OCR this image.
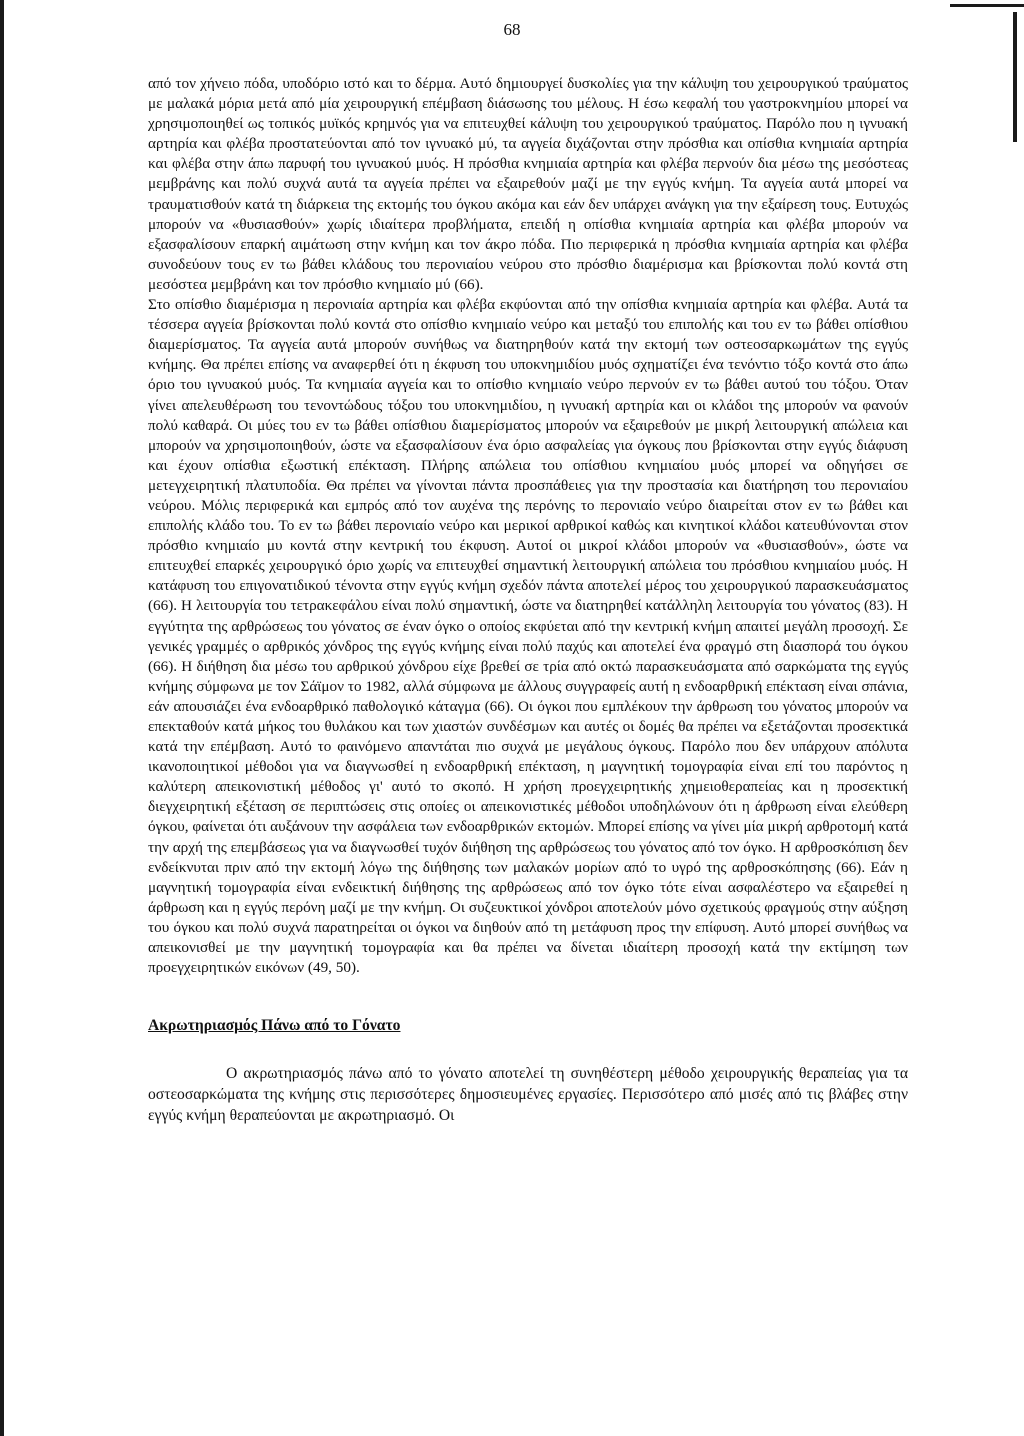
68

από τον χήνειο πόδα, υποδόριο ιστό και το δέρμα. Αυτό δημιουργεί δυσκολίες για την κάλυψη του χειρουργικού τραύματος με μαλακά μόρια μετά από μία χειρουργική επέμβαση διάσωσης του μέλους. Η έσω κεφαλή του γαστροκνημίου μπορεί να χρησιμοποιηθεί ως τοπικός μυϊκός κρημνός για να επιτευχθεί κάλυψη του χειρουργικού τραύματος. Παρόλο που η ιγνυακή αρτηρία και φλέβα προστατεύονται από τον ιγνυακό μύ, τα αγγεία διχάζονται στην πρόσθια και οπίσθια κνημιαία αρτηρία και φλέβα στην άπω παρυφή του ιγνυακού μυός. Η πρόσθια κνημιαία αρτηρία και φλέβα περνούν δια μέσω της μεσόστεας μεμβράνης και πολύ συχνά αυτά τα αγγεία πρέπει να εξαιρεθούν μαζί με την εγγύς κνήμη. Τα αγγεία αυτά μπορεί να τραυματισθούν κατά τη διάρκεια της εκτομής του όγκου ακόμα και εάν δεν υπάρχει ανάγκη για την εξαίρεση τους. Ευτυχώς μπορούν να «θυσιασθούν» χωρίς ιδιαίτερα προβλήματα, επειδή η οπίσθια κνημιαία αρτηρία και φλέβα μπορούν να εξασφαλίσουν επαρκή αιμάτωση στην κνήμη και τον άκρο πόδα. Πιο περιφερικά η πρόσθια κνημιαία αρτηρία και φλέβα συνοδεύουν τους εν τω βάθει κλάδους του περονιαίου νεύρου στο πρόσθιο διαμέρισμα και βρίσκονται πολύ κοντά στη μεσόστεα μεμβράνη και τον πρόσθιο κνημιαίο μύ (66).

Στο οπίσθιο διαμέρισμα η περονιαία αρτηρία και φλέβα εκφύονται από την οπίσθια κνημιαία αρτηρία και φλέβα. Αυτά τα τέσσερα αγγεία βρίσκονται πολύ κοντά στο οπίσθιο κνημιαίο νεύρο και μεταξύ του επιπολής και του εν τω βάθει οπίσθιου διαμερίσματος. Τα αγγεία αυτά μπορούν συνήθως να διατηρηθούν κατά την εκτομή των οστεοσαρκωμάτων της εγγύς κνήμης. Θα πρέπει επίσης να αναφερθεί ότι η έκφυση του υποκνημιδίου μυός σχηματίζει ένα τενόντιο τόξο κοντά στο άπω όριο του ιγνυακού μυός. Τα κνημιαία αγγεία και το οπίσθιο κνημιαίο νεύρο περνούν εν τω βάθει αυτού του τόξου. Όταν γίνει απελευθέρωση του τενοντώδους τόξου του υποκνημιδίου, η ιγνυακή αρτηρία και οι κλάδοι της μπορούν να φανούν πολύ καθαρά. Οι μύες του εν τω βάθει οπίσθιου διαμερίσματος μπορούν να εξαιρεθούν με μικρή λειτουργική απώλεια και μπορούν να χρησιμοποιηθούν, ώστε να εξασφαλίσουν ένα όριο ασφαλείας για όγκους που βρίσκονται στην εγγύς διάφυση και έχουν οπίσθια εξωστική επέκταση. Πλήρης απώλεια του οπίσθιου κνημιαίου μυός μπορεί να οδηγήσει σε μετεγχειρητική πλατυποδία. Θα πρέπει να γίνονται πάντα προσπάθειες για την προστασία και διατήρηση του περονιαίου νεύρου. Μόλις περιφερικά και εμπρός από τον αυχένα της περόνης το περονιαίο νεύρο διαιρείται στον εν τω βάθει και επιπολής κλάδο του. Το εν τω βάθει περονιαίο νεύρο και μερικοί αρθρικοί καθώς και κινητικοί κλάδοι κατευθύνονται στον πρόσθιο κνημιαίο μυ κοντά στην κεντρική του έκφυση. Αυτοί οι μικροί κλάδοι μπορούν να «θυσιασθούν», ώστε να επιτευχθεί επαρκές χειρουργικό όριο χωρίς να επιτευχθεί σημαντική λειτουργική απώλεια του πρόσθιου κνημιαίου μυός. Η κατάφυση του επιγονατιδικού τένοντα στην εγγύς κνήμη σχεδόν πάντα αποτελεί μέρος του χειρουργικού παρασκευάσματος (66). Η λειτουργία του τετρακεφάλου είναι πολύ σημαντική, ώστε να διατηρηθεί κατάλληλη λειτουργία του γόνατος (83). Η εγγύτητα της αρθρώσεως του γόνατος σε έναν όγκο ο οποίος εκφύεται από την κεντρική κνήμη απαιτεί μεγάλη προσοχή. Σε γενικές γραμμές ο αρθρικός χόνδρος της εγγύς κνήμης είναι πολύ παχύς και αποτελεί ένα φραγμό στη διασπορά του όγκου (66). Η διήθηση δια μέσω του αρθρικού χόνδρου είχε βρεθεί σε τρία από οκτώ παρασκευάσματα από σαρκώματα της εγγύς κνήμης σύμφωνα με τον Σάϊμον το 1982, αλλά σύμφωνα με άλλους συγγραφείς αυτή η ενδοαρθρική επέκταση είναι σπάνια, εάν απουσιάζει ένα ενδοαρθρικό παθολογικό κάταγμα (66). Οι όγκοι που εμπλέκουν την άρθρωση του γόνατος μπορούν να επεκταθούν κατά μήκος του θυλάκου και των χιαστών συνδέσμων και αυτές οι δομές θα πρέπει να εξετάζονται προσεκτικά κατά την επέμβαση. Αυτό το φαινόμενο απαντάται πιο συχνά με μεγάλους όγκους. Παρόλο που δεν υπάρχουν απόλυτα ικανοποιητικοί μέθοδοι για να διαγνωσθεί η ενδοαρθρική επέκταση, η μαγνητική τομογραφία είναι επί του παρόντος η καλύτερη απεικονιστική μέθοδος γι' αυτό το σκοπό. Η χρήση προεγχειρητικής χημειοθεραπείας και η προσεκτική διεγχειρητική εξέταση σε περιπτώσεις στις οποίες οι απεικονιστικές μέθοδοι υποδηλώνουν ότι η άρθρωση είναι ελεύθερη όγκου, φαίνεται ότι αυξάνουν την ασφάλεια των ενδοαρθρικών εκτομών. Μπορεί επίσης να γίνει μία μικρή αρθροτομή κατά την αρχή της επεμβάσεως για να διαγνωσθεί τυχόν διήθηση της αρθρώσεως του γόνατος από τον όγκο. Η αρθροσκόπιση δεν ενδείκνυται πριν από την εκτομή λόγω της διήθησης των μαλακών μορίων από το υγρό της αρθροσκόπησης (66). Εάν η μαγνητική τομογραφία είναι ενδεικτική διήθησης της αρθρώσεως από τον όγκο τότε είναι ασφαλέστερο να εξαιρεθεί η άρθρωση και η εγγύς περόνη μαζί με την κνήμη. Οι συζευκτικοί χόνδροι αποτελούν μόνο σχετικούς φραγμούς στην αύξηση του όγκου και πολύ συχνά παρατηρείται οι όγκοι να διηθούν από τη μετάφυση προς την επίφυση. Αυτό μπορεί συνήθως να απεικονισθεί με την μαγνητική τομογραφία και θα πρέπει να δίνεται ιδιαίτερη προσοχή κατά την εκτίμηση των προεγχειρητικών εικόνων (49, 50).

Ακρωτηριασμός Πάνω από το Γόνατο

Ο ακρωτηριασμός πάνω από το γόνατο αποτελεί τη συνηθέστερη μέθοδο χειρουργικής θεραπείας για τα οστεοσαρκώματα της κνήμης στις περισσότερες δημοσιευμένες εργασίες. Περισσότερο από μισές από τις βλάβες στην εγγύς κνήμη θεραπεύονται με ακρωτηριασμό. Οι
